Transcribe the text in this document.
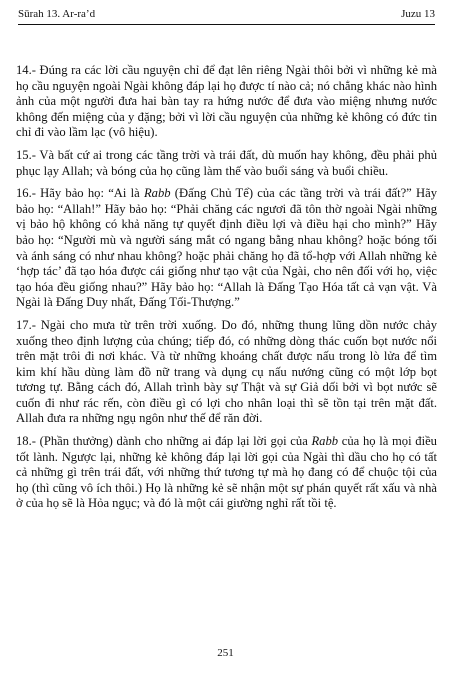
Sūrah 13. Ar-ra’d	Juzu 13

14.- Đúng ra các lời cầu nguyện chỉ để đạt lên riêng Ngài thôi bởi vì những kẻ mà họ cầu nguyện ngoài Ngài không đáp lại họ được tí nào cả; nó chẳng khác nào hình ảnh của một người đưa hai bàn tay ra hứng nước để đưa vào miệng nhưng nước không đến miệng của y đặng; bởi vì lời cầu nguyện của những kẻ không có đức tin chỉ đi vào lầm lạc (vô hiệu).

15.- Và bất cứ ai trong các tầng trời và trái đất, dù muốn hay không, đều phải phủ phục lạy Allah; và bóng của họ cũng làm thế vào buổi sáng và buổi chiều.

16.- Hãy bảo họ: “Ai là Rabb (Đấng Chủ Tể) của các tầng trời và trái đất?” Hãy bảo họ: “Allah!” Hãy bảo họ: “Phải chăng các ngươi đã tôn thờ ngoài Ngài những vị bảo hộ không có khả năng tự quyết định điều lợi và điều hại cho mình?” Hãy bảo họ: “Người mù và người sáng mắt có ngang bằng nhau không? hoặc bóng tối và ánh sáng có như nhau không? hoặc phải chăng họ đã tổ-hợp với Allah những kẻ ‘hợp tác’ đã tạo hóa được cái giống như tạo vật của Ngài, cho nên đối với họ, việc tạo hóa đều giống nhau?” Hãy bảo họ: “Allah là Đấng Tạo Hóa tất cả vạn vật. Và Ngài là Đấng Duy nhất, Đấng Tối-Thượng.”

17.- Ngài cho mưa từ trên trời xuống. Do đó, những thung lũng dồn nước chảy xuống theo định lượng của chúng; tiếp đó, có những dòng thác cuốn bọt nước nổi trên mặt trôi đi nơi khác. Và từ những khoáng chất được nấu trong lò lửa để tìm kim khí hầu dùng làm đồ nữ trang và dụng cụ nấu nướng cũng có một lớp bọt tương tự. Bằng cách đó, Allah trình bày sự Thật và sự Giả dối bởi vì bọt nước sẽ cuốn đi như rác rến, còn điều gì có lợi cho nhân loại thì sẽ tồn tại trên mặt đất. Allah đưa ra những ngụ ngôn như thế để răn đời.

18.- (Phần thưởng) dành cho những ai đáp lại lời gọi của Rabb của họ là mọi điều tốt lành. Ngược lại, những kẻ không đáp lại lời gọi của Ngài thì dầu cho họ có tất cả những gì trên trái đất, với những thứ tương tự mà họ đang có để chuộc tội của họ (thì cũng vô ích thôi.) Họ là những kẻ sẽ nhận một sự phán quyết rất xấu và nhà ở của họ sẽ là Hỏa ngục; và đó là một cái giường nghỉ rất tồi tệ.

251
